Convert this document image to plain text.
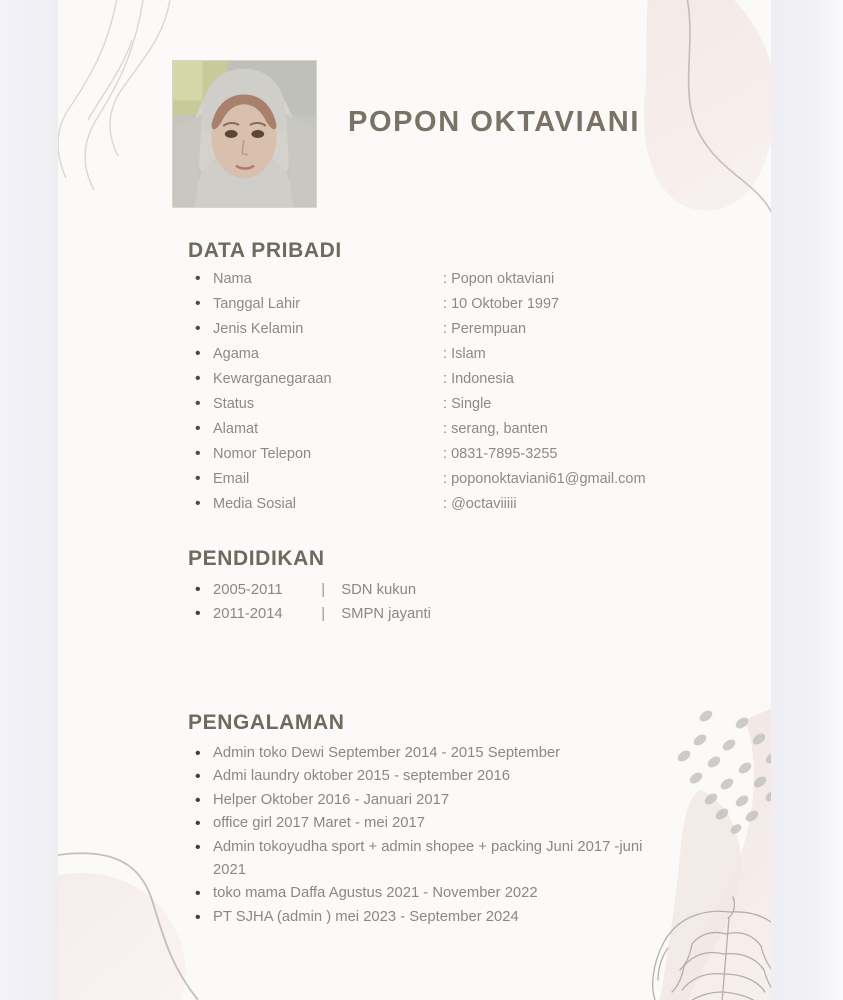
POPON OKTAVIANI
DATA PRIBADI
• Nama	: Popon oktaviani
• Tanggal Lahir	: 10 Oktober 1997
• Jenis Kelamin	: Perempuan
• Agama	: Islam
• Kewarganegaraan	: Indonesia
• Status	: Single
• Alamat	: serang, banten
• Nomor Telepon	: 0831-7895-3255
• Email	: poponoktaviani61@gmail.com
• Media Sosial	: @octaviiiii
PENDIDIKAN
• 2005-2011	| SDN kukun
• 2011-2014	| SMPN jayanti
PENGALAMAN
• Admin toko Dewi September 2014 - 2015 September
• Admi laundry oktober 2015 - september 2016
• Helper Oktober 2016 - Januari 2017
• office girl 2017 Maret - mei 2017
• Admin tokoyudha sport + admin shopee + packing Juni 2017 -juni 2021
• toko mama Daffa Agustus 2021 - November 2022
• PT SJHA (admin ) mei 2023 - September 2024
